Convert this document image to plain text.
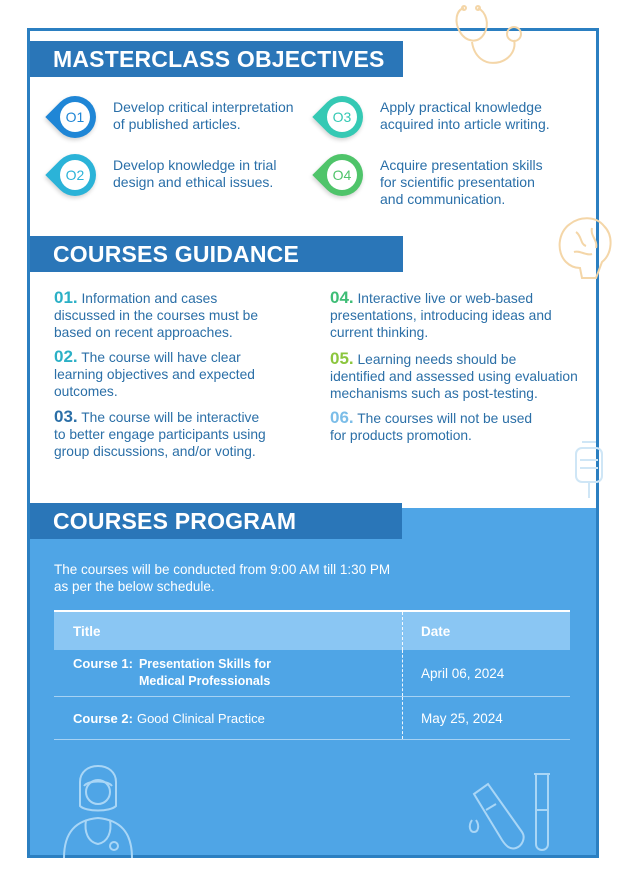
MASTERCLASS OBJECTIVES
COURSES GUIDANCE
COURSES PROGRAM
O1
Develop critical interpretation
of published articles.
O2
Develop knowledge in trial
design and ethical issues.
O3
Apply practical knowledge
acquired into article writing.
O4
Acquire presentation skills
for scientific presentation
and communication.
01. Information and cases
discussed in the courses must be
based on recent approaches.
02. The course will have clear
learning objectives and expected
outcomes.
03. The course will be interactive
to better engage participants using
group discussions, and/or voting.
04. Interactive live or web-based
presentations, introducing ideas and
current thinking.
05. Learning needs should be
identified and assessed using evaluation
mechanisms such as post-testing.
06. The courses will not be used
for products promotion.
The courses will be conducted from 9:00 AM till 1:30 PM
as per the below schedule.
Title	Date
Course 1: Presentation Skills for
Medical Professionals
April 06, 2024
Course 2: Good Clinical Practice	May 25, 2024
